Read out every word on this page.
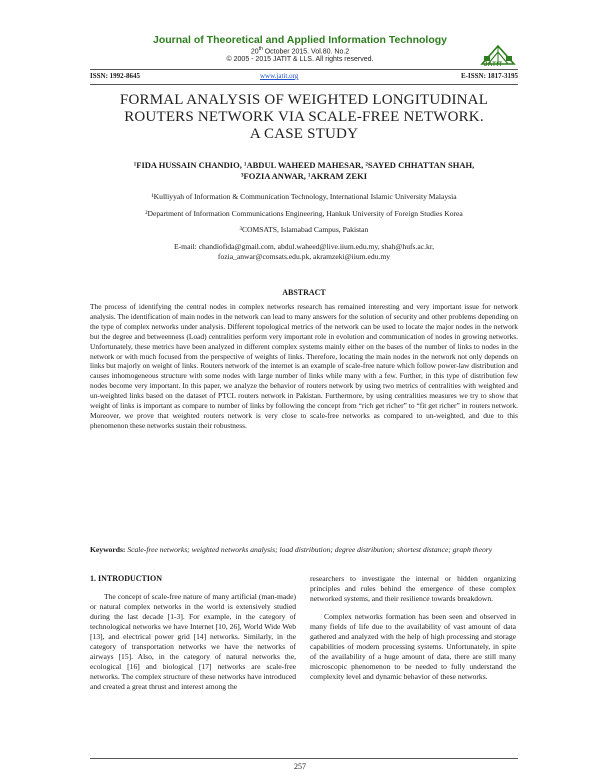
Journal of Theoretical and Applied Information Technology
20th October 2015. Vol.80. No.2
© 2005 - 2015 JATIT & LLS. All rights reserved.
JATIT
ISSN: 1992-8645	www.jatit.org	E-ISSN: 1817-3195
FORMAL ANALYSIS OF WEIGHTED LONGITUDINAL
ROUTERS NETWORK VIA SCALE-FREE NETWORK.
A CASE STUDY
¹FIDA HUSSAIN CHANDIO, ¹ABDUL WAHEED MAHESAR, ²SAYED CHHATTAN SHAH,
³FOZIA ANWAR, ¹AKRAM ZEKI
¹Kulliyyah of Information & Communication Technology, International Islamic University Malaysia
²Department of Information Communications Engineering, Hankuk University of Foreign Studies Korea
³COMSATS, Islamabad Campus, Pakistan
E-mail: chandiofida@gmail.com, abdul.waheed@live.iium.edu.my, shah@hufs.ac.kr,
fozia_anwar@comsats.edu.pk, akramzeki@iium.edu.my
ABSTRACT
The process of identifying the central nodes in complex networks research has remained interesting and very important issue for network analysis. The identification of main nodes in the network can lead to many answers for the solution of security and other problems depending on the type of complex networks under analysis. Different topological metrics of the network can be used to locate the major nodes in the network but the degree and betweenness (Load) centralities perform very important role in evolution and communication of nodes in growing networks. Unfortunately, these metrics have been analyzed in different complex systems mainly either on the bases of the number of links to nodes in the network or with much focused from the perspective of weights of links. Therefore, locating the main nodes in the network not only depends on links but majorly on weight of links. Routers network of the internet is an example of scale-free nature which follow power-law distribution and causes inhomogeneous structure with some nodes with large number of links while many with a few. Further, in this type of distribution few nodes become very important. In this paper, we analyze the behavior of routers network by using two metrics of centralities with weighted and un-weighted links based on the dataset of PTCL routers network in Pakistan. Furthermore, by using centralities measures we try to show that weight of links is important as compare to number of links by following the concept from “rich get richer” to “fit get richer” in routers network. Moreover, we prove that weighted routers network is very close to scale-free networks as compared to un-weighted, and due to this phenomenon these networks sustain their robustness.
Keywords: Scale-free networks; weighted networks analysis; load distribution; degree distribution; shortest distance; graph theory
1. INTRODUCTION

The concept of scale-free nature of many artificial (man-made) or natural complex networks in the world is extensively studied during the last decade [1-3]. For example, in the category of technological networks we have Internet [10, 26], World Wide Web [13], and electrical power grid [14] networks. Similarly, in the category of transportation networks we have the networks of airways [15]. Also, in the category of natural networks the, ecological [16] and biological [17] networks are scale-free networks. The complex structure of these networks have introduced and created a great thrust and interest among the

researchers to investigate the internal or hidden organizing principles and rules behind the emergence of these complex networked systems, and their resilience towards breakdown.

Complex networks formation has been seen and observed in many fields of life due to the availability of vast amount of data gathered and analyzed with the help of high processing and storage capabilities of modern processing systems. Unfortunately, in spite of the availability of a huge amount of data, there are still many microscopic phenomenon to be needed to fully understand the complexity level and dynamic behavior of these networks.

257
